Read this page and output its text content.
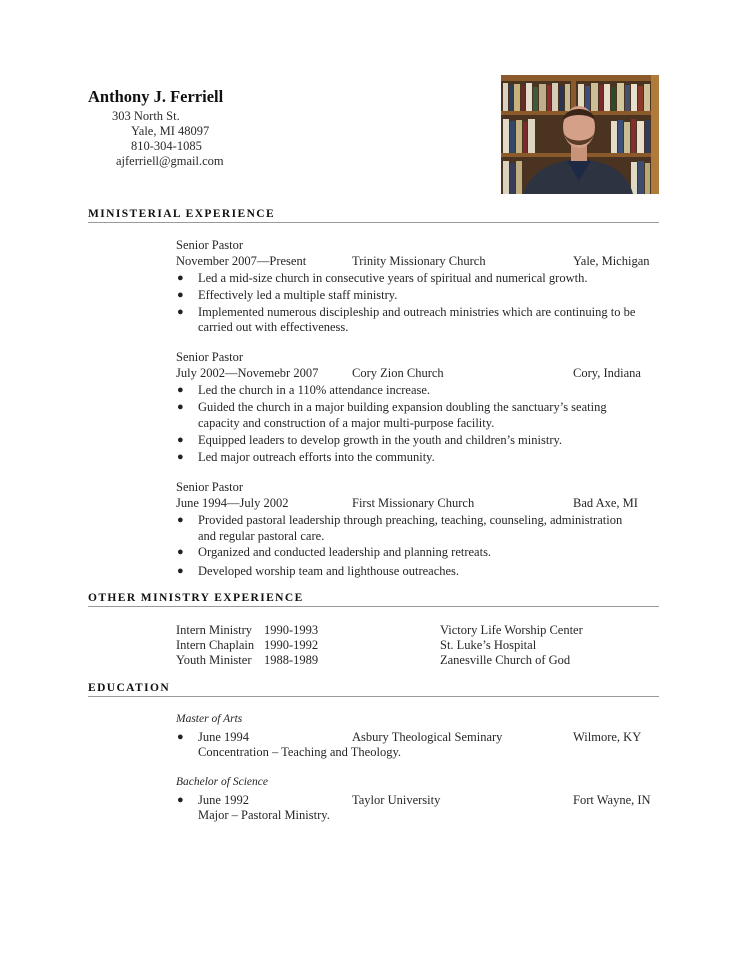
Anthony J. Ferriell
303 North St.
Yale, MI 48097
810-304-1085
ajferriell@gmail.com
MINISTERIAL EXPERIENCE
Senior Pastor
November 2007—Present	Trinity Missionary Church	Yale, Michigan
● Led a mid-size church in consecutive years of spiritual and numerical growth.
● Effectively led a multiple staff ministry.
● Implemented numerous discipleship and outreach ministries which are continuing to be
carried out with effectiveness.
Senior Pastor
July 2002—Novemebr 2007	Cory Zion Church	Cory, Indiana
● Led the church in a 110% attendance increase.
● Guided the church in a major building expansion doubling the sanctuary’s seating
capacity and construction of a major multi-purpose facility.
● Equipped leaders to develop growth in the youth and children’s ministry.
● Led major outreach efforts into the community.
Senior Pastor
June 1994—July 2002	First Missionary Church	Bad Axe, MI
● Provided pastoral leadership through preaching, teaching, counseling, administration
and regular pastoral care.
● Organized and conducted leadership and planning retreats.
● Developed worship team and lighthouse outreaches.
OTHER MINISTRY EXPERIENCE
Intern Ministry 1990-1993	Victory Life Worship Center
Intern Chaplain 1990-1992	St. Luke’s Hospital
Youth Minister 1988-1989	Zanesville Church of God
EDUCATION
Master of Arts
● June 1994	Asbury Theological Seminary	Wilmore, KY
Concentration – Teaching and Theology.
Bachelor of Science
● June 1992	Taylor University	Fort Wayne, IN
Major – Pastoral Ministry.
